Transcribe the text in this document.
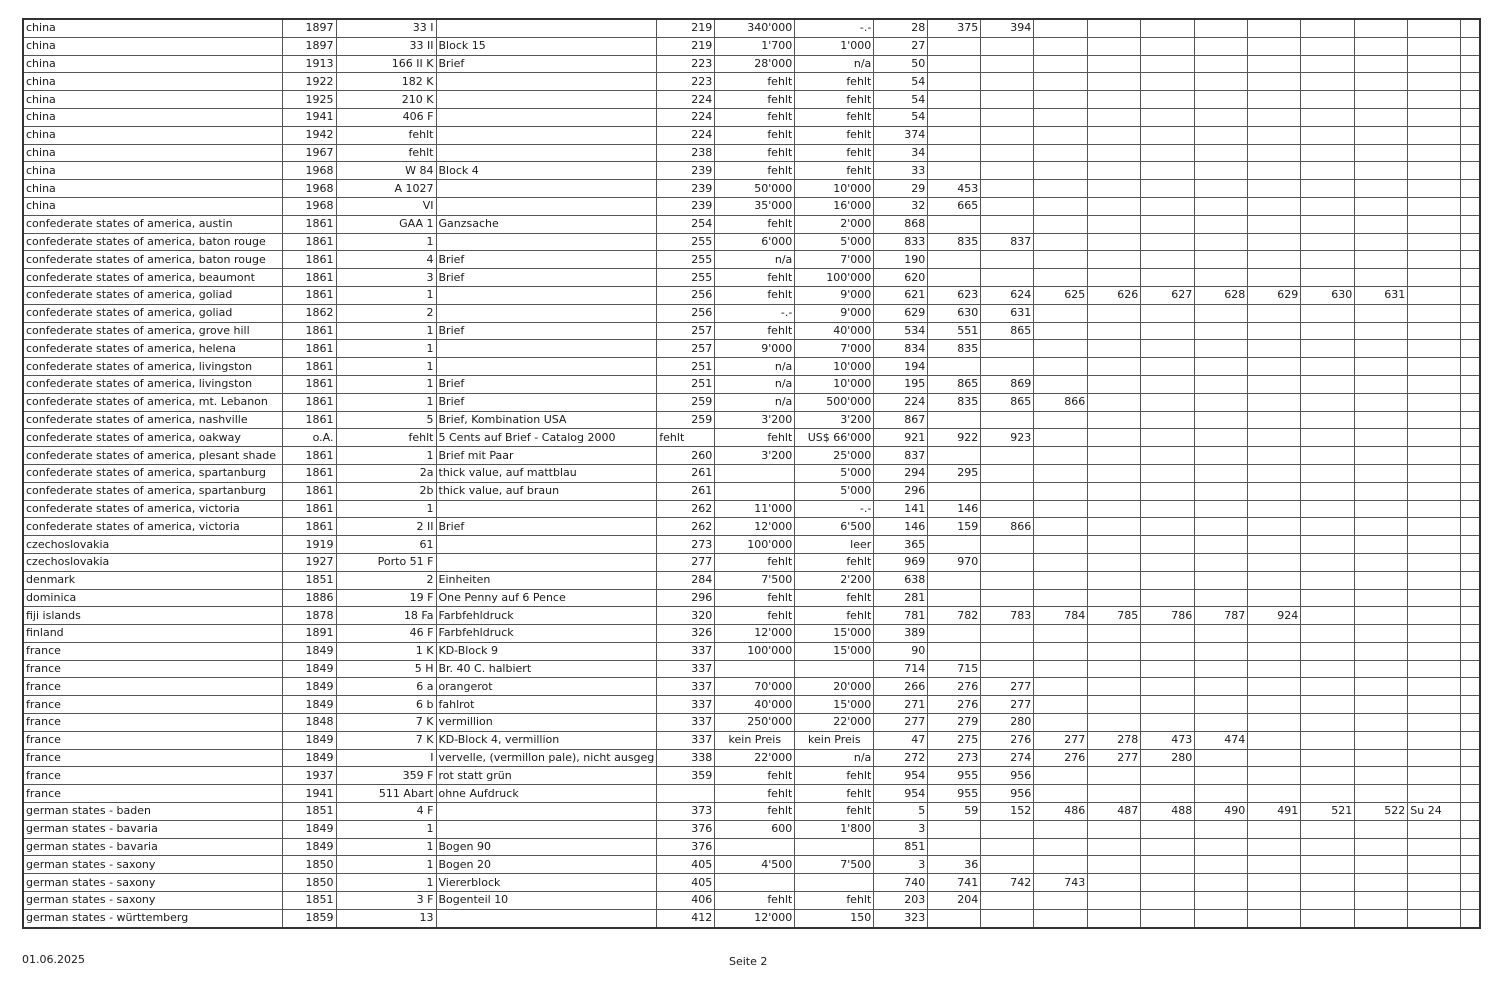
china	1897	33 I		219	340'000	-.-	28	375	394									
china	1897	33 II	Block 15	219	1'700	1'000	27											
china	1913	166 II K	Brief	223	28'000	n/a	50											
china	1922	182 K		223	fehlt	fehlt	54											
china	1925	210 K		224	fehlt	fehlt	54											
china	1941	406 F		224	fehlt	fehlt	54											
china	1942	fehlt		224	fehlt	fehlt	374											
china	1967	fehlt		238	fehlt	fehlt	34											
china	1968	W 84	Block 4	239	fehlt	fehlt	33											
china	1968	A 1027		239	50'000	10'000	29	453										
china	1968	VI		239	35'000	16'000	32	665										
confederate states of america, austin	1861	GAA 1	Ganzsache	254	fehlt	2'000	868											
confederate states of america, baton rouge	1861	1		255	6'000	5'000	833	835	837									
confederate states of america, baton rouge	1861	4	Brief	255	n/a	7'000	190											
confederate states of america, beaumont	1861	3	Brief	255	fehlt	100'000	620											
confederate states of america, goliad	1861	1		256	fehlt	9'000	621	623	624	625	626	627	628	629	630	631		
confederate states of america, goliad	1862	2		256	-.-	9'000	629	630	631									
confederate states of america, grove hill	1861	1	Brief	257	fehlt	40'000	534	551	865									
confederate states of america, helena	1861	1		257	9'000	7'000	834	835										
confederate states of america, livingston	1861	1		251	n/a	10'000	194											
confederate states of america, livingston	1861	1	Brief	251	n/a	10'000	195	865	869									
confederate states of america, mt. Lebanon	1861	1	Brief	259	n/a	500'000	224	835	865	866								
confederate states of america, nashville	1861	5	Brief, Kombination USA	259	3'200	3'200	867											
confederate states of america, oakway	o.A.	fehlt	5 Cents auf Brief - Catalog 2000	fehlt	fehlt	US$ 66'000	921	922	923									
confederate states of america, plesant shade	1861	1	Brief mit Paar	260	3'200	25'000	837											
confederate states of america, spartanburg	1861	2a	thick value, auf mattblau	261		5'000	294	295										
confederate states of america, spartanburg	1861	2b	thick value, auf braun	261		5'000	296											
confederate states of america, victoria	1861	1		262	11'000	-.-	141	146										
confederate states of america, victoria	1861	2 II	Brief	262	12'000	6'500	146	159	866									
czechoslovakia	1919	61		273	100'000	leer	365											
czechoslovakia	1927	Porto 51 F		277	fehlt	fehlt	969	970										
denmark	1851	2	Einheiten	284	7'500	2'200	638											
dominica	1886	19 F	One Penny auf 6 Pence	296	fehlt	fehlt	281											
fiji islands	1878	18 Fa	Farbfehldruck	320	fehlt	fehlt	781	782	783	784	785	786	787	924				
finland	1891	46 F	Farbfehldruck	326	12'000	15'000	389											
france	1849	1 K	KD-Block 9	337	100'000	15'000	90											
france	1849	5 H	Br. 40 C. halbiert	337			714	715										
france	1849	6 a	orangerot	337	70'000	20'000	266	276	277									
france	1849	6 b	fahlrot	337	40'000	15'000	271	276	277									
france	1848	7 K	vermillion	337	250'000	22'000	277	279	280									
france	1849	7 K	KD-Block 4, vermillion	337	kein Preis	kein Preis	47	275	276	277	278	473	474					
france	1849	I	vervelle, (vermillon pale), nicht ausgeg	338	22'000	n/a	272	273	274	276	277	280						
france	1937	359 F	rot statt grün	359	fehlt	fehlt	954	955	956									
france	1941	511 Abart	ohne Aufdruck		fehlt	fehlt	954	955	956									
german states - baden	1851	4 F		373	fehlt	fehlt	5	59	152	486	487	488	490	491	521	522	Su 24	
german states - bavaria	1849	1		376	600	1'800	3											
german states - bavaria	1849	1	Bogen 90	376			851											
german states - saxony	1850	1	Bogen 20	405	4'500	7'500	3	36										
german states - saxony	1850	1	Viererblock	405			740	741	742	743								
german states - saxony	1851	3 F	Bogenteil 10	406	fehlt	fehlt	203	204										
german states - württemberg	1859	13		412	12'000	150	323											
01.06.2025	Seite 2
